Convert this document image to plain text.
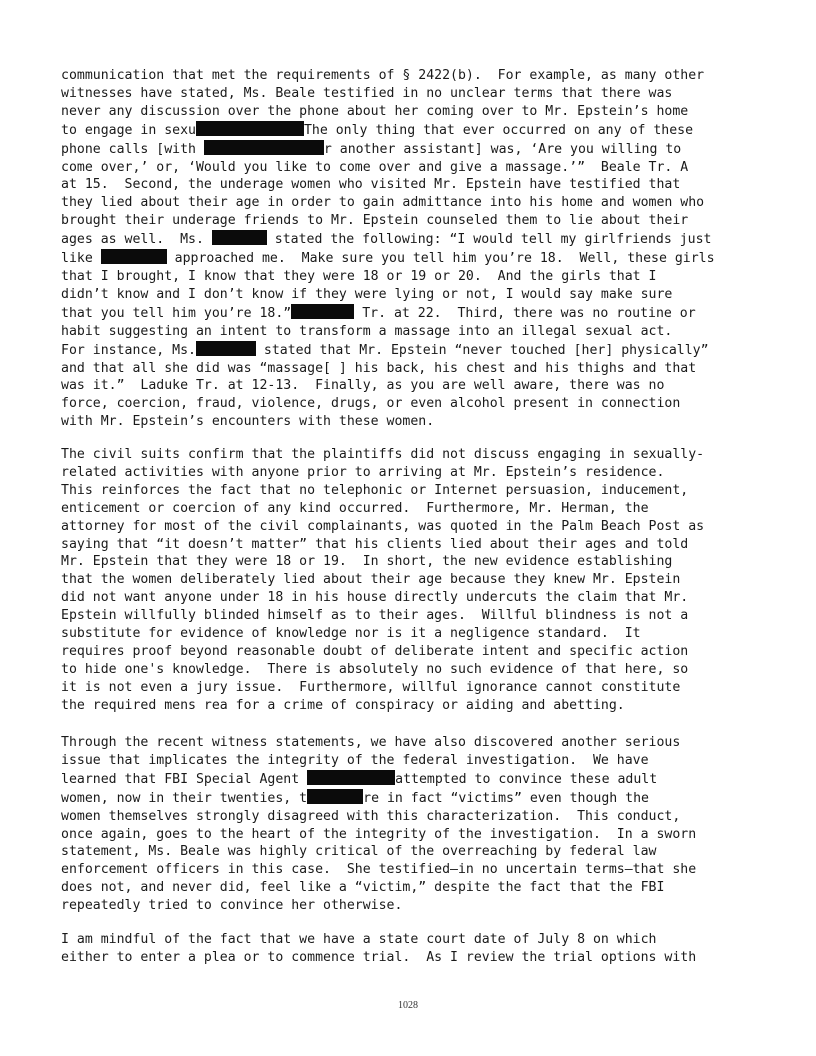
communication that met the requirements of § 2422(b).  For example, as many other
witnesses have stated, Ms. Beale testified in no unclear terms that there was
never any discussion over the phone about her coming over to Mr. Epstein’s home
to engage in sexu	The only thing that ever occurred on any of these
phone calls [with	r another assistant] was, ‘Are you willing to
come over,’ or, ‘Would you like to come over and give a massage.’”  Beale Tr. A
at 15.  Second, the underage women who visited Mr. Epstein have testified that
they lied about their age in order to gain admittance into his home and women who
brought their underage friends to Mr. Epstein counseled them to lie about their
ages as well.  Ms.	stated the following: “I would tell my girlfriends just
like	approached me.  Make sure you tell him you’re 18.  Well, these girls
that I brought, I know that they were 18 or 19 or 20.  And the girls that I
didn’t know and I don’t know if they were lying or not, I would say make sure
that you tell him you’re 18.”	Tr. at 22.  Third, there was no routine or
habit suggesting an intent to transform a massage into an illegal sexual act.
For instance, Ms.	stated that Mr. Epstein “never touched [her] physically”
and that all she did was “massage[ ] his back, his chest and his thighs and that
was it.”  Laduke Tr. at 12-13.  Finally, as you are well aware, there was no
force, coercion, fraud, violence, drugs, or even alcohol present in connection
with Mr. Epstein’s encounters with these women.

The civil suits confirm that the plaintiffs did not discuss engaging in sexually-
related activities with anyone prior to arriving at Mr. Epstein’s residence.
This reinforces the fact that no telephonic or Internet persuasion, inducement,
enticement or coercion of any kind occurred.  Furthermore, Mr. Herman, the
attorney for most of the civil complainants, was quoted in the Palm Beach Post as
saying that “it doesn’t matter” that his clients lied about their ages and told
Mr. Epstein that they were 18 or 19.  In short, the new evidence establishing
that the women deliberately lied about their age because they knew Mr. Epstein
did not want anyone under 18 in his house directly undercuts the claim that Mr.
Epstein willfully blinded himself as to their ages.  Willful blindness is not a
substitute for evidence of knowledge nor is it a negligence standard.  It
requires proof beyond reasonable doubt of deliberate intent and specific action
to hide one's knowledge.  There is absolutely no such evidence of that here, so
it is not even a jury issue.  Furthermore, willful ignorance cannot constitute
the required mens rea for a crime of conspiracy or aiding and abetting.

Through the recent witness statements, we have also discovered another serious
issue that implicates the integrity of the federal investigation.  We have
learned that FBI Special Agent	attempted to convince these adult
women, now in their twenties, t	re in fact “victims” even though the
women themselves strongly disagreed with this characterization.  This conduct,
once again, goes to the heart of the integrity of the investigation.  In a sworn
statement, Ms. Beale was highly critical of the overreaching by federal law
enforcement officers in this case.  She testified—in no uncertain terms—that she
does not, and never did, feel like a “victim,” despite the fact that the FBI
repeatedly tried to convince her otherwise.

I am mindful of the fact that we have a state court date of July 8 on which
either to enter a plea or to commence trial.  As I review the trial options with

1028
